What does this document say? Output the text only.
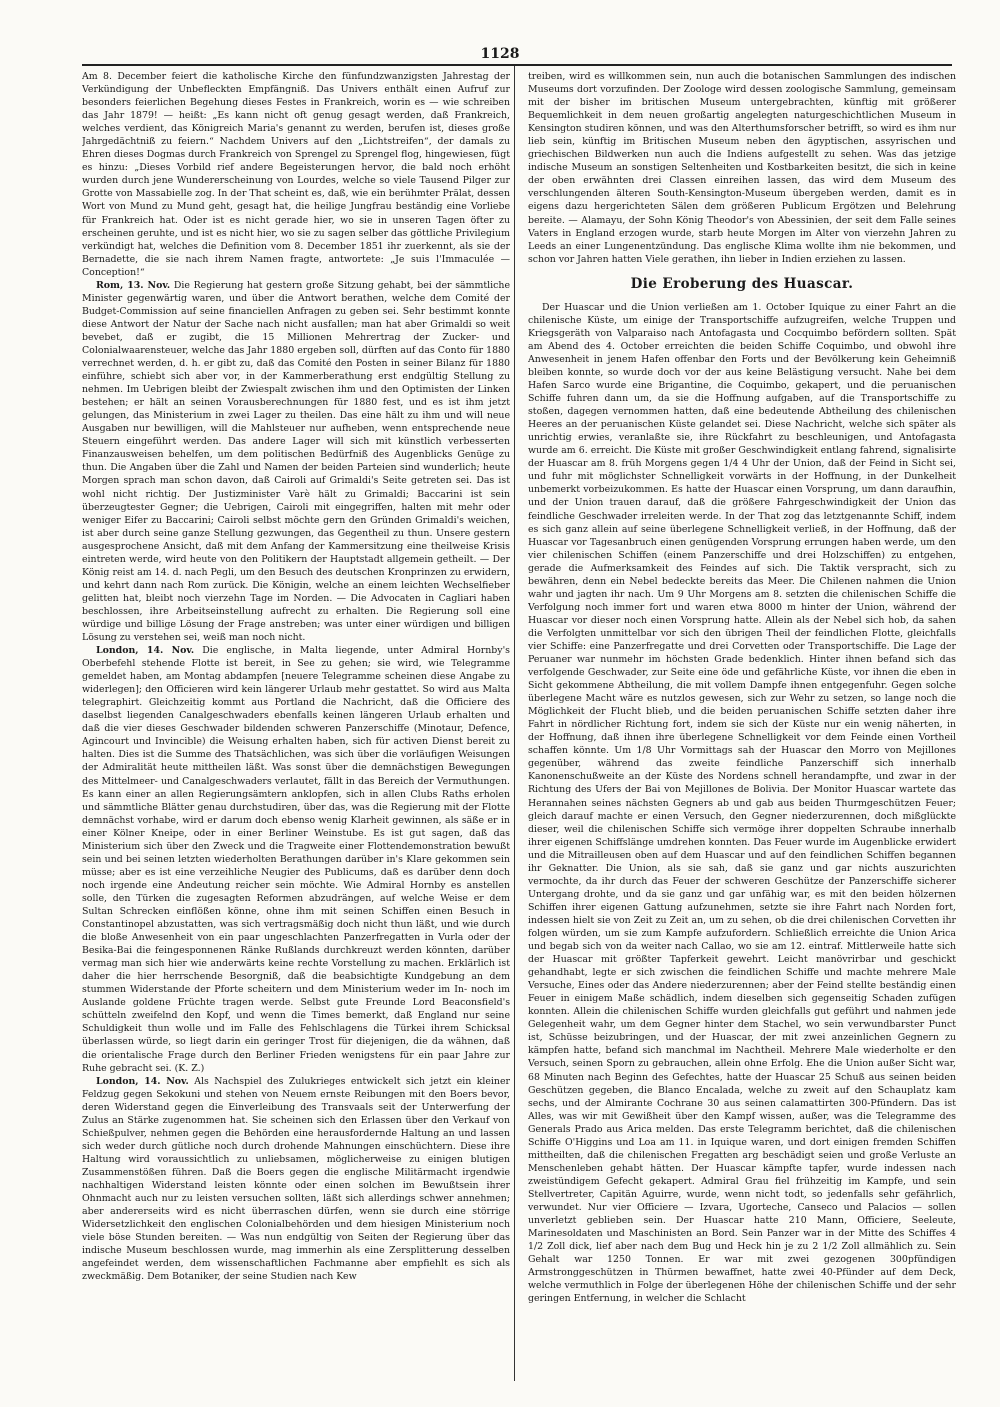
1128

Am 8. December feiert die katholische Kirche den fünfundzwanzigsten Jahrestag der Verkündigung der Unbefleckten Empfängniß. Das Univers enthält einen Aufruf zur besonders feierlichen Begehung dieses Festes in Frankreich, worin es — wie schreiben das Jahr 1879! — heißt: „Es kann nicht oft genug gesagt werden, daß Frankreich, welches verdient, das Königreich Maria's genannt zu werden, berufen ist, dieses große Jahrgedächtniß zu feiern.“ Nachdem Univers auf den „Lichtstreifen“, der damals zu Ehren dieses Dogmas durch Frankreich von Sprengel zu Sprengel flog, hingewiesen, fügt es hinzu: „Dieses Vorbild rief andere Begeisterungen hervor, die bald noch erhöht wurden durch jene Wundererscheinung von Lourdes, welche so viele Tausend Pilger zur Grotte von Massabielle zog. In der That scheint es, daß, wie ein berühmter Prälat, dessen Wort von Mund zu Mund geht, gesagt hat, die heilige Jungfrau beständig eine Vorliebe für Frankreich hat. Oder ist es nicht gerade hier, wo sie in unseren Tagen öfter zu erscheinen geruhte, und ist es nicht hier, wo sie zu sagen selber das göttliche Privilegium verkündigt hat, welches die Definition vom 8. December 1851 ihr zuerkennt, als sie der Bernadette, die sie nach ihrem Namen fragte, antwortete: „Je suis l'Immaculée — Conception!“

Rom, 13. Nov. Die Regierung hat gestern große Sitzung gehabt, bei der sämmtliche Minister gegenwärtig waren, und über die Antwort berathen, welche dem Comité der Budget-Commission auf seine financiellen Anfragen zu geben sei. Sehr bestimmt konnte diese Antwort der Natur der Sache nach nicht ausfallen; man hat aber Grimaldi so weit bevebet, daß er zugibt, die 15 Millionen Mehrertrag der Zucker- und Colonialwaarensteuer, welche das Jahr 1880 ergeben soll, dürften auf das Conto für 1880 verrechnet werden, d. h. er gibt zu, daß das Comité den Posten in seiner Bilanz für 1880 einführe, schiebt sich aber vor, in der Kammerberathung erst endgültig Stellung zu nehmen. Im Uebrigen bleibt der Zwiespalt zwischen ihm und den Optimisten der Linken bestehen; er hält an seinen Vorausberechnungen für 1880 fest, und es ist ihm jetzt gelungen, das Ministerium in zwei Lager zu theilen. Das eine hält zu ihm und will neue Ausgaben nur bewilligen, will die Mahlsteuer nur aufheben, wenn entsprechende neue Steuern eingeführt werden. Das andere Lager will sich mit künstlich verbesserten Finanzausweisen behelfen, um dem politischen Bedürfniß des Augenblicks Genüge zu thun. Die Angaben über die Zahl und Namen der beiden Parteien sind wunderlich; heute Morgen sprach man schon davon, daß Cairoli auf Grimaldi's Seite getreten sei. Das ist wohl nicht richtig. Der Justizminister Varè hält zu Grimaldi; Baccarini ist sein überzeugtester Gegner; die Uebrigen, Cairoli mit eingegriffen, halten mit mehr oder weniger Eifer zu Baccarini; Cairoli selbst möchte gern den Gründen Grimaldi's weichen, ist aber durch seine ganze Stellung gezwungen, das Gegentheil zu thun. Unsere gestern ausgesprochene Ansicht, daß mit dem Anfang der Kammersitzung eine theilweise Krisis eintreten werde, wird heute von den Politikern der Hauptstadt allgemein getheilt. — Der König reist am 14. d. nach Pegli, um den Besuch des deutschen Kronprinzen zu erwidern, und kehrt dann nach Rom zurück. Die Königin, welche an einem leichten Wechselfieber gelitten hat, bleibt noch vierzehn Tage im Norden. — Die Advocaten in Cagliari haben beschlossen, ihre Arbeitseinstellung aufrecht zu erhalten. Die Regierung soll eine würdige und billige Lösung der Frage anstreben; was unter einer würdigen und billigen Lösung zu verstehen sei, weiß man noch nicht.

London, 14. Nov. Die englische, in Malta liegende, unter Admiral Hornby's Oberbefehl stehende Flotte ist bereit, in See zu gehen; sie wird, wie Telegramme gemeldet haben, am Montag abdampfen [neuere Telegramme scheinen diese Angabe zu widerlegen]; den Officieren wird kein längerer Urlaub mehr gestattet. So wird aus Malta telegraphirt. Gleichzeitig kommt aus Portland die Nachricht, daß die Officiere des daselbst liegenden Canalgeschwaders ebenfalls keinen längeren Urlaub erhalten und daß die vier dieses Geschwader bildenden schweren Panzerschiffe (Minotaur, Defence, Agincourt und Invincible) die Weisung erhalten haben, sich für activen Dienst bereit zu halten. Dies ist die Summe des Thatsächlichen, was sich über die vorläufigen Weisungen der Admiralität heute mittheilen läßt. Was sonst über die demnächstigen Bewegungen des Mittelmeer- und Canalgeschwaders verlautet, fällt in das Bereich der Vermuthungen. Es kann einer an allen Regierungsämtern anklopfen, sich in allen Clubs Raths erholen und sämmtliche Blätter genau durchstudiren, über das, was die Regierung mit der Flotte demnächst vorhabe, wird er darum doch ebenso wenig Klarheit gewinnen, als säße er in einer Kölner Kneipe, oder in einer Berliner Weinstube. Es ist gut sagen, daß das Ministerium sich über den Zweck und die Tragweite einer Flottendemonstration bewußt sein und bei seinen letzten wiederholten Berathungen darüber in's Klare gekommen sein müsse; aber es ist eine verzeihliche Neugier des Publicums, daß es darüber denn doch noch irgende eine Andeutung reicher sein möchte. Wie Admiral Hornby es anstellen solle, den Türken die zugesagten Reformen abzudrängen, auf welche Weise er dem Sultan Schrecken einflößen könne, ohne ihm mit seinen Schiffen einen Besuch in Constantinopel abzustatten, was sich vertragsmäßig doch nicht thun läßt, und wie durch die bloße Anwesenheit von ein paar ungeschlachten Panzerfregatten in Vurla oder der Besika-Bai die feingesponnenen Ränke Rußlands durchkreuzt werden könnten, darüber vermag man sich hier wie anderwärts keine rechte Vorstellung zu machen. Erklärlich ist daher die hier herrschende Besorgniß, daß die beabsichtigte Kundgebung an dem stummen Widerstande der Pforte scheitern und dem Ministerium weder im In- noch im Auslande goldene Früchte tragen werde. Selbst gute Freunde Lord Beaconsfield's schütteln zweifelnd den Kopf, und wenn die Times bemerkt, daß England nur seine Schuldigkeit thun wolle und im Falle des Fehlschlagens die Türkei ihrem Schicksal überlassen würde, so liegt darin ein geringer Trost für diejenigen, die da wähnen, daß die orientalische Frage durch den Berliner Frieden wenigstens für ein paar Jahre zur Ruhe gebracht sei. (K. Z.)

London, 14. Nov. Als Nachspiel des Zulukrieges entwickelt sich jetzt ein kleiner Feldzug gegen Sekokuni und stehen von Neuem ernste Reibungen mit den Boers bevor, deren Widerstand gegen die Einverleibung des Transvaals seit der Unterwerfung der Zulus an Stärke zugenommen hat. Sie scheinen sich den Erlassen über den Verkauf von Schießpulver, nehmen gegen die Behörden eine herausfordernde Haltung an und lassen sich weder durch gütliche noch durch drohende Mahnungen einschüchtern. Diese ihre Haltung wird voraussichtlich zu unliebsamen, möglicherweise zu einigen blutigen Zusammenstößen führen. Daß die Boers gegen die englische Militärmacht irgendwie nachhaltigen Widerstand leisten könnte oder einen solchen im Bewußtsein ihrer Ohnmacht auch nur zu leisten versuchen sollten, läßt sich allerdings schwer annehmen; aber andererseits wird es nicht überraschen dürfen, wenn sie durch eine störrige Widersetzlichkeit den englischen Colonialbehörden und dem hiesigen Ministerium noch viele böse Stunden bereiten. — Was nun endgültig von Seiten der Regierung über das indische Museum beschlossen wurde, mag immerhin als eine Zersplitterung desselben angefeindet werden, dem wissenschaftlichen Fachmanne aber empfiehlt es sich als zweckmäßig. Dem Botaniker, der seine Studien nach Kew

treiben, wird es willkommen sein, nun auch die botanischen Sammlungen des indischen Museums dort vorzufinden. Der Zoologe wird dessen zoologische Sammlung, gemeinsam mit der bisher im britischen Museum untergebrachten, künftig mit größerer Bequemlichkeit in dem neuen großartig angelegten naturgeschichtlichen Museum in Kensington studiren können, und was den Alterthumsforscher betrifft, so wird es ihm nur lieb sein, künftig im Britischen Museum neben den ägyptischen, assyrischen und griechischen Bildwerken nun auch die Indiens aufgestellt zu sehen. Was das jetzige indische Museum an sonstigen Seltenheiten und Kostbarkeiten besitzt, die sich in keine der oben erwähnten drei Classen einreihen lassen, das wird dem Museum des verschlungenden älteren South-Kensington-Museum übergeben werden, damit es in eigens dazu hergerichteten Sälen dem größeren Publicum Ergötzen und Belehrung bereite. — Alamayu, der Sohn König Theodor's von Abessinien, der seit dem Falle seines Vaters in England erzogen wurde, starb heute Morgen im Alter von vierzehn Jahren zu Leeds an einer Lungenentzündung. Das englische Klima wollte ihm nie bekommen, und schon vor Jahren hatten Viele gerathen, ihn lieber in Indien erziehen zu lassen.

Die Eroberung des Huascar.

Der Huascar und die Union verließen am 1. October Iquique zu einer Fahrt an die chilenische Küste, um einige der Transportschiffe aufzugreifen, welche Truppen und Kriegsgeräth von Valparaiso nach Antofagasta und Cocquimbo befördern sollten. Spät am Abend des 4. October erreichten die beiden Schiffe Coquimbo, und obwohl ihre Anwesenheit in jenem Hafen offenbar den Forts und der Bevölkerung kein Geheimniß bleiben konnte, so wurde doch vor der aus keine Belästigung versucht. Nahe bei dem Hafen Sarco wurde eine Brigantine, die Coquimbo, gekapert, und die peruanischen Schiffe fuhren dann um, da sie die Hoffnung aufgaben, auf die Transportschiffe zu stoßen, dagegen vernommen hatten, daß eine bedeutende Abtheilung des chilenischen Heeres an der peruanischen Küste gelandet sei. Diese Nachricht, welche sich später als unrichtig erwies, veranlaßte sie, ihre Rückfahrt zu beschleunigen, und Antofagasta wurde am 6. erreicht. Die Küste mit großer Geschwindigkeit entlang fahrend, signalisirte der Huascar am 8. früh Morgens gegen 1/4 4 Uhr der Union, daß der Feind in Sicht sei, und fuhr mit möglichster Schnelligkeit vorwärts in der Hoffnung, in der Dunkelheit unbemerkt vorbeizukommen. Es hatte der Huascar einen Vorsprung, um dann daraufhin, und der Union trauen darauf, daß die größere Fahrgeschwindigkeit der Union das feindliche Geschwader irreleiten werde. In der That zog das letztgenannte Schiff, indem es sich ganz allein auf seine überlegene Schnelligkeit verließ, in der Hoffnung, daß der Huascar vor Tagesanbruch einen genügenden Vorsprung errungen haben werde, um den vier chilenischen Schiffen (einem Panzerschiffe und drei Holzschiffen) zu entgehen, gerade die Aufmerksamkeit des Feindes auf sich. Die Taktik verspracht, sich zu bewähren, denn ein Nebel bedeckte bereits das Meer. Die Chilenen nahmen die Union wahr und jagten ihr nach. Um 9 Uhr Morgens am 8. setzten die chilenischen Schiffe die Verfolgung noch immer fort und waren etwa 8000 m hinter der Union, während der Huascar vor dieser noch einen Vorsprung hatte. Allein als der Nebel sich hob, da sahen die Verfolgten unmittelbar vor sich den übrigen Theil der feindlichen Flotte, gleichfalls vier Schiffe: eine Panzerfregatte und drei Corvetten oder Transportschiffe. Die Lage der Peruaner war nunmehr im höchsten Grade bedenklich. Hinter ihnen befand sich das verfolgende Geschwader, zur Seite eine öde und gefährliche Küste, vor ihnen die eben in Sicht gekommene Abtheilung, die mit vollem Dampfe ihnen entgegenfuhr. Gegen solche überlegene Macht wäre es nutzlos gewesen, sich zur Wehr zu setzen, so lange noch die Möglichkeit der Flucht blieb, und die beiden peruanischen Schiffe setzten daher ihre Fahrt in nördlicher Richtung fort, indem sie sich der Küste nur ein wenig näherten, in der Hoffnung, daß ihnen ihre überlegene Schnelligkeit vor dem Feinde einen Vortheil schaffen könnte. Um 1/8 Uhr Vormittags sah der Huascar den Morro von Mejillones gegenüber, während das zweite feindliche Panzerschiff sich innerhalb Kanonenschußweite an der Küste des Nordens schnell herandampfte, und zwar in der Richtung des Ufers der Bai von Mejillones de Bolivia. Der Monitor Huascar wartete das Herannahen seines nächsten Gegners ab und gab aus beiden Thurmgeschützen Feuer; gleich darauf machte er einen Versuch, den Gegner niederzurennen, doch mißglückte dieser, weil die chilenischen Schiffe sich vermöge ihrer doppelten Schraube innerhalb ihrer eigenen Schiffslänge umdrehen konnten. Das Feuer wurde im Augenblicke erwidert und die Mitrailleusen oben auf dem Huascar und auf den feindlichen Schiffen begannen ihr Geknatter. Die Union, als sie sah, daß sie ganz und gar nichts auszurichten vermochte, da ihr durch das Feuer der schweren Geschütze der Panzerschiffe sicherer Untergang drohte, und da sie ganz und gar unfähig war, es mit den beiden hölzernen Schiffen ihrer eigenen Gattung aufzunehmen, setzte sie ihre Fahrt nach Norden fort, indessen hielt sie von Zeit zu Zeit an, um zu sehen, ob die drei chilenischen Corvetten ihr folgen würden, um sie zum Kampfe aufzufordern. Schließlich erreichte die Union Arica und begab sich von da weiter nach Callao, wo sie am 12. eintraf. Mittlerweile hatte sich der Huascar mit größter Tapferkeit gewehrt. Leicht manövrirbar und geschickt gehandhabt, legte er sich zwischen die feindlichen Schiffe und machte mehrere Male Versuche, Eines oder das Andere niederzurennen; aber der Feind stellte beständig einen Feuer in einigem Maße schädlich, indem dieselben sich gegenseitig Schaden zufügen konnten. Allein die chilenischen Schiffe wurden gleichfalls gut geführt und nahmen jede Gelegenheit wahr, um dem Gegner hinter dem Stachel, wo sein verwundbarster Punct ist, Schüsse beizubringen, und der Huascar, der mit zwei anzeinlichen Gegnern zu kämpfen hatte, befand sich manchmal im Nachtheil. Mehrere Male wiederholte er den Versuch, seinen Sporn zu gebrauchen, allein ohne Erfolg. Ehe die Union außer Sicht war, 68 Minuten nach Beginn des Gefechtes, hatte der Huascar 25 Schuß aus seinen beiden Geschützen gegeben, die Blanco Encalada, welche zu zweit auf den Schauplatz kam sechs, und der Almirante Cochrane 30 aus seinen calamattirten 300-Pfündern. Das ist Alles, was wir mit Gewißheit über den Kampf wissen, außer, was die Telegramme des Generals Prado aus Arica melden. Das erste Telegramm berichtet, daß die chilenischen Schiffe O'Higgins und Loa am 11. in Iquique waren, und dort einigen fremden Schiffen mittheilten, daß die chilenischen Fregatten arg beschädigt seien und große Verluste an Menschenleben gehabt hätten. Der Huascar kämpfte tapfer, wurde indessen nach zweistündigem Gefecht gekapert. Admiral Grau fiel frühzeitig im Kampfe, und sein Stellvertreter, Capitän Aguirre, wurde, wenn nicht todt, so jedenfalls sehr gefährlich, verwundet. Nur vier Officiere — Izvara, Ugorteche, Canseco und Palacios — sollen unverletzt geblieben sein. Der Huascar hatte 210 Mann, Officiere, Seeleute, Marinesoldaten und Maschinisten an Bord. Sein Panzer war in der Mitte des Schiffes 4 1/2 Zoll dick, lief aber nach dem Bug und Heck hin je zu 2 1/2 Zoll allmählich zu. Sein Gehalt war 1250 Tonnen. Er war mit zwei gezogenen 300pfündigen Armstronggeschützen in Thürmen bewaffnet, hatte zwei 40-Pfünder auf dem Deck, welche vermuthlich in Folge der überlegenen Höhe der chilenischen Schiffe und der sehr geringen Entfernung, in welcher die Schlacht
